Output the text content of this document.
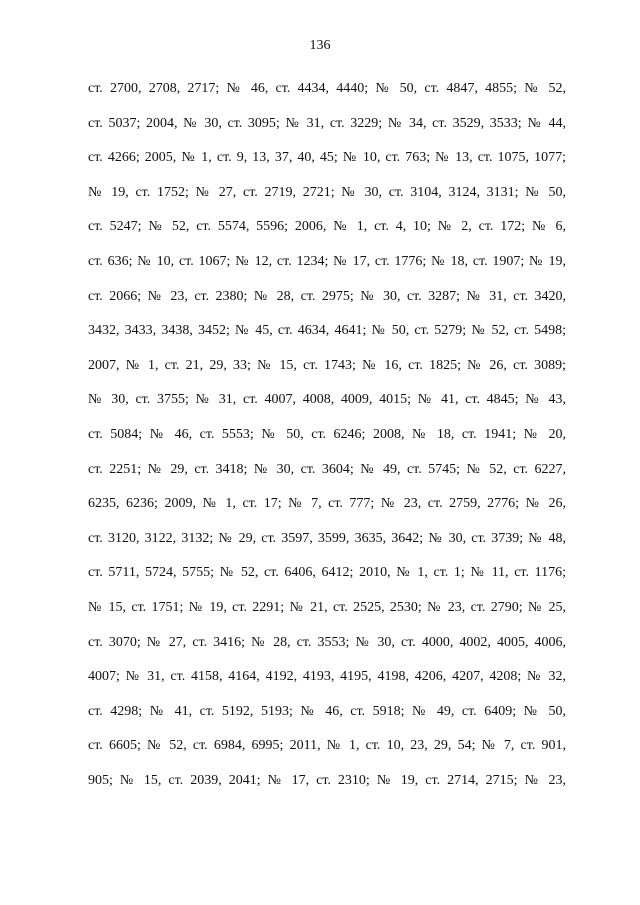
136
ст. 2700, 2708, 2717; № 46, ст. 4434, 4440; № 50, ст. 4847, 4855; № 52,
ст. 5037; 2004, № 30, ст. 3095; № 31, ст. 3229; № 34, ст. 3529, 3533; № 44,
ст. 4266; 2005, № 1, ст. 9, 13, 37, 40, 45; № 10, ст. 763; № 13, ст. 1075, 1077;
№ 19, ст. 1752; № 27, ст. 2719, 2721; № 30, ст. 3104, 3124, 3131; № 50,
ст. 5247; № 52, ст. 5574, 5596; 2006, № 1, ст. 4, 10; № 2, ст. 172; № 6,
ст. 636; № 10, ст. 1067; № 12, ст. 1234; № 17, ст. 1776; № 18, ст. 1907; № 19,
ст. 2066; № 23, ст. 2380; № 28, ст. 2975; № 30, ст. 3287; № 31, ст. 3420,
3432, 3433, 3438, 3452; № 45, ст. 4634, 4641; № 50, ст. 5279; № 52, ст. 5498;
2007, № 1, ст. 21, 29, 33; № 15, ст. 1743; № 16, ст. 1825; № 26, ст. 3089;
№ 30, ст. 3755; № 31, ст. 4007, 4008, 4009, 4015; № 41, ст. 4845; № 43,
ст. 5084; № 46, ст. 5553; № 50, ст. 6246; 2008, № 18, ст. 1941; № 20,
ст. 2251; № 29, ст. 3418; № 30, ст. 3604; № 49, ст. 5745; № 52, ст. 6227,
6235, 6236; 2009, № 1, ст. 17; № 7, ст. 777; № 23, ст. 2759, 2776; № 26,
ст. 3120, 3122, 3132; № 29, ст. 3597, 3599, 3635, 3642; № 30, ст. 3739; № 48,
ст. 5711, 5724, 5755; № 52, ст. 6406, 6412; 2010, № 1, ст. 1; № 11, ст. 1176;
№ 15, ст. 1751; № 19, ст. 2291; № 21, ст. 2525, 2530; № 23, ст. 2790; № 25,
ст. 3070; № 27, ст. 3416; № 28, ст. 3553; № 30, ст. 4000, 4002, 4005, 4006,
4007; № 31, ст. 4158, 4164, 4192, 4193, 4195, 4198, 4206, 4207, 4208; № 32,
ст. 4298; № 41, ст. 5192, 5193; № 46, ст. 5918; № 49, ст. 6409; № 50,
ст. 6605; № 52, ст. 6984, 6995; 2011, № 1, ст. 10, 23, 29, 54; № 7, ст. 901,
905; № 15, ст. 2039, 2041; № 17, ст. 2310; № 19, ст. 2714, 2715; № 23,
